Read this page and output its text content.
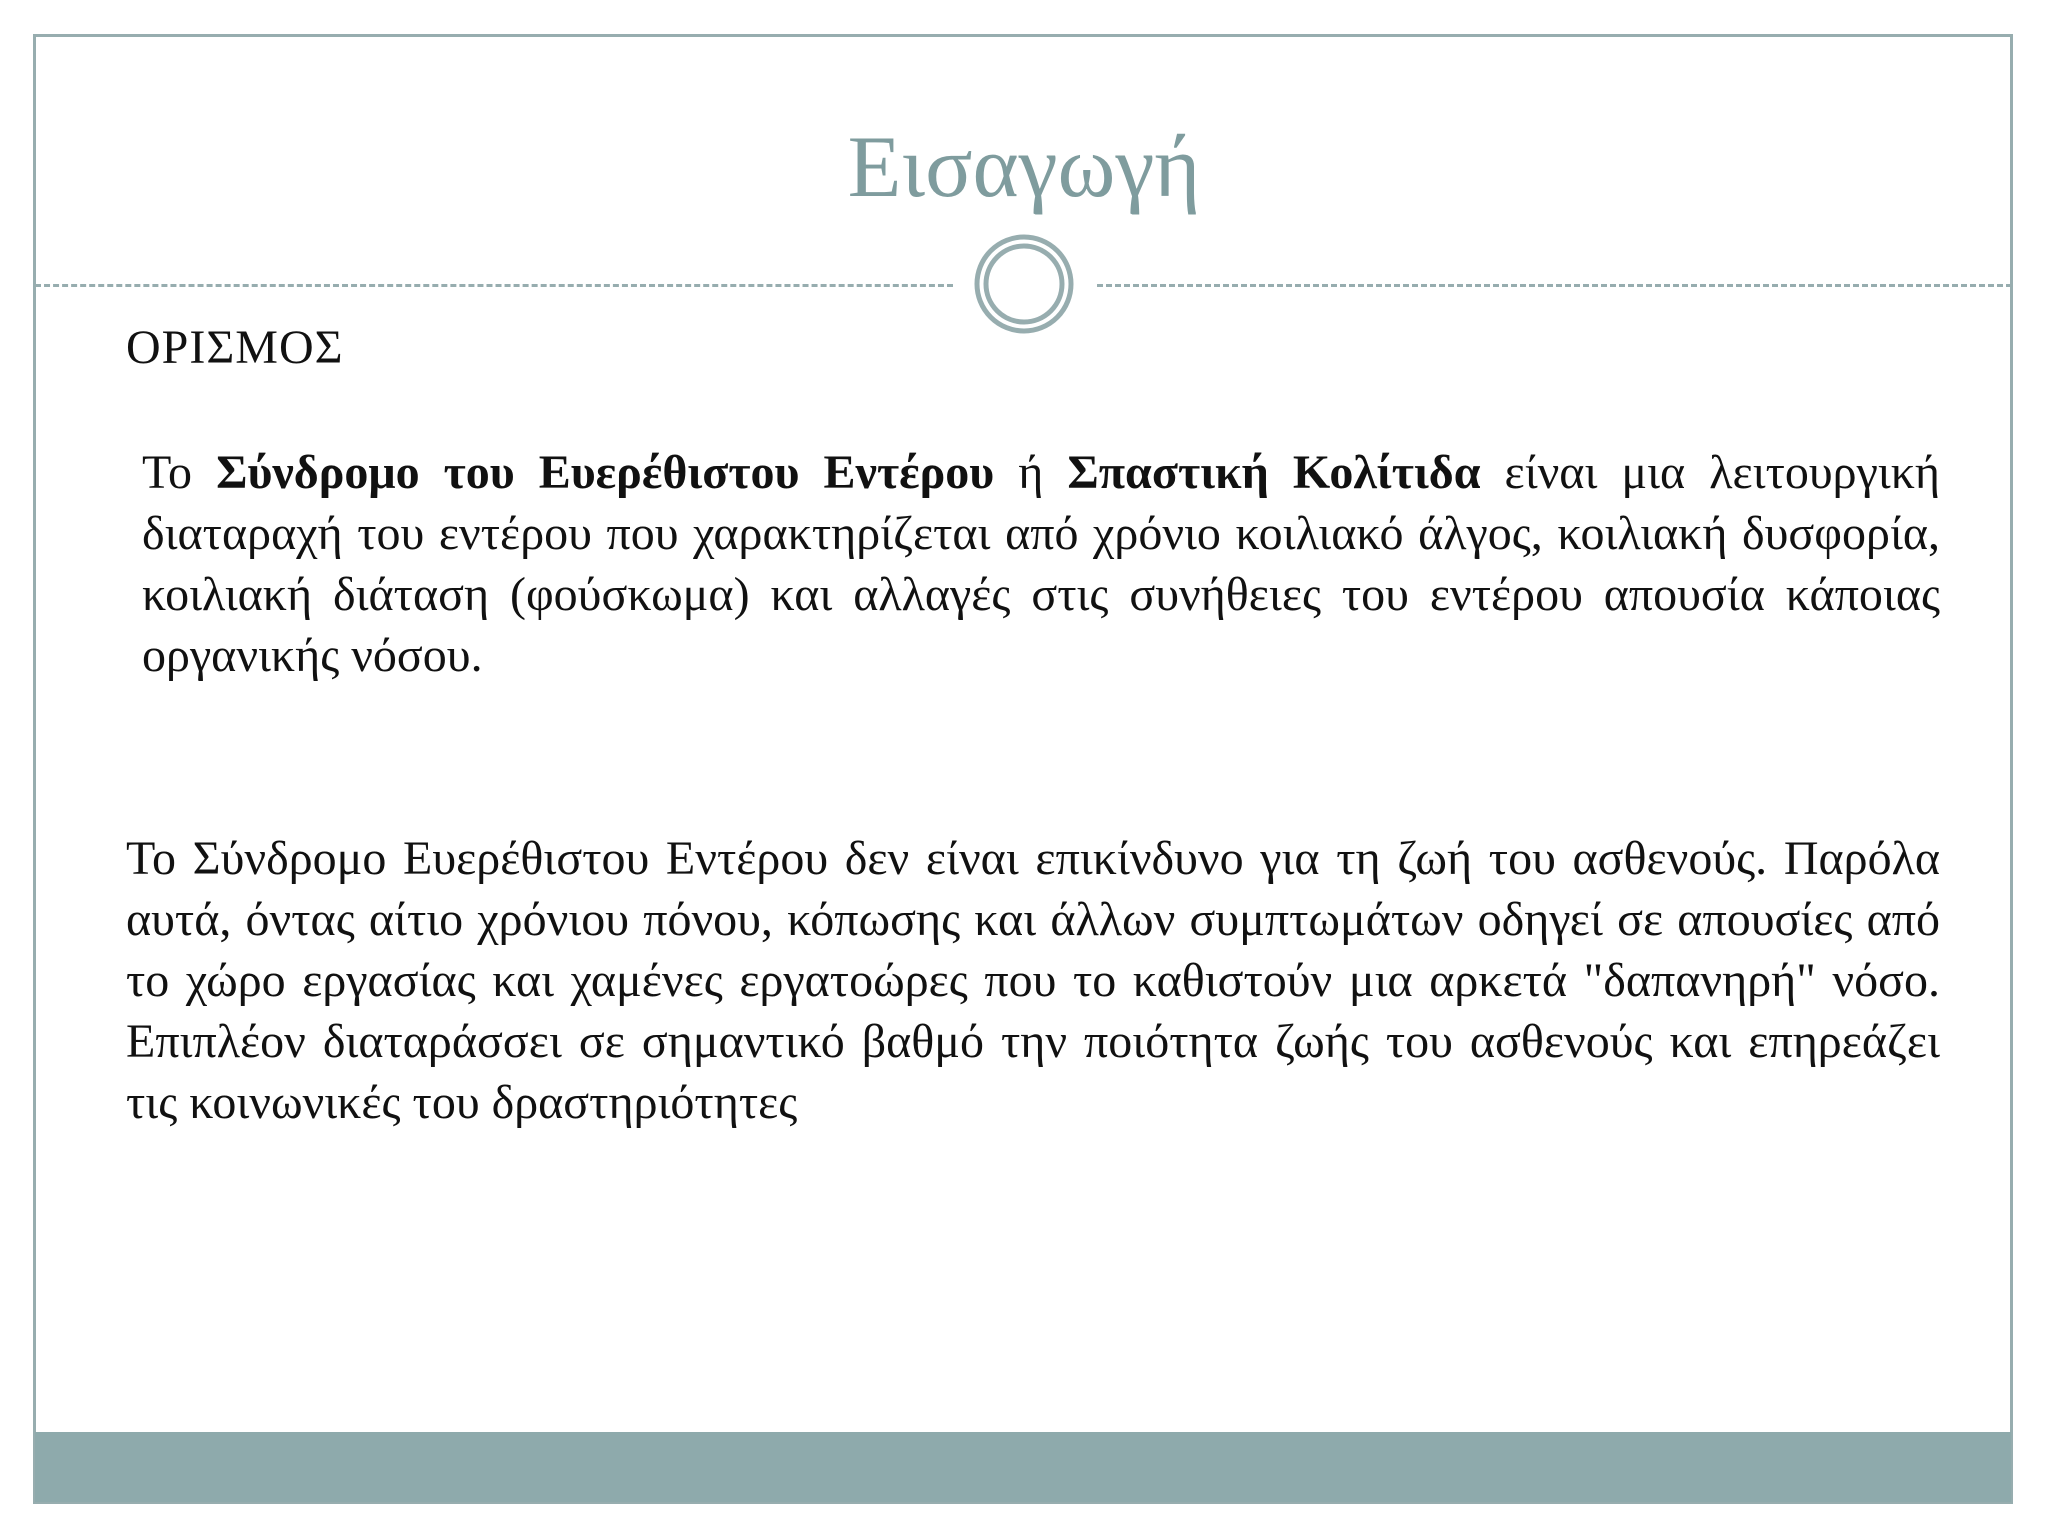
Εισαγωγή
ΟΡΙΣΜΟΣ
Το Σύνδρομο του Ευερέθιστου Εντέρου ή Σπαστική Κολίτιδα είναι μια λειτουργική διαταραχή του εντέρου που χαρακτηρίζεται από χρόνιο κοιλιακό άλγος, κοιλιακή δυσφορία, κοιλιακή διάταση (φούσκωμα) και αλλαγές στις συνήθειες του εντέρου απουσία κάποιας οργανικής νόσου.
Το Σύνδρομο Ευερέθιστου Εντέρου δεν είναι επικίνδυνο για τη ζωή του ασθενούς. Παρόλα αυτά, όντας αίτιο χρόνιου πόνου, κόπωσης και άλλων συμπτωμάτων οδηγεί σε απουσίες από το χώρο εργασίας και χαμένες εργατοώρες που το καθιστούν μια αρκετά "δαπανηρή" νόσο. Επιπλέον διαταράσσει σε σημαντικό βαθμό την ποιότητα ζωής του ασθενούς και επηρεάζει τις κοινωνικές του δραστηριότητες
